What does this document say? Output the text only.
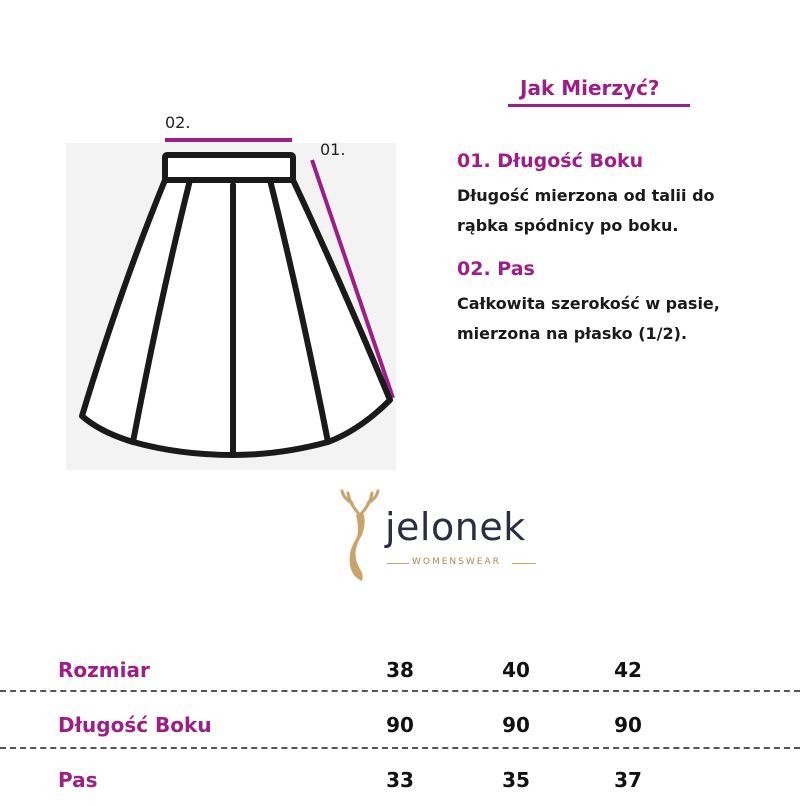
02.
01.
Jak Mierzyć?
01. Długość Boku
Długość mierzona od talii do
rąbka spódnicy po boku.
02. Pas
Całkowita szerokość w pasie,
mierzona na płasko (1/2).
jelonek
WOMENSWEAR
Rozmiar	38	40	42
Długość Boku	90	90	90
Pas	33	35	37
